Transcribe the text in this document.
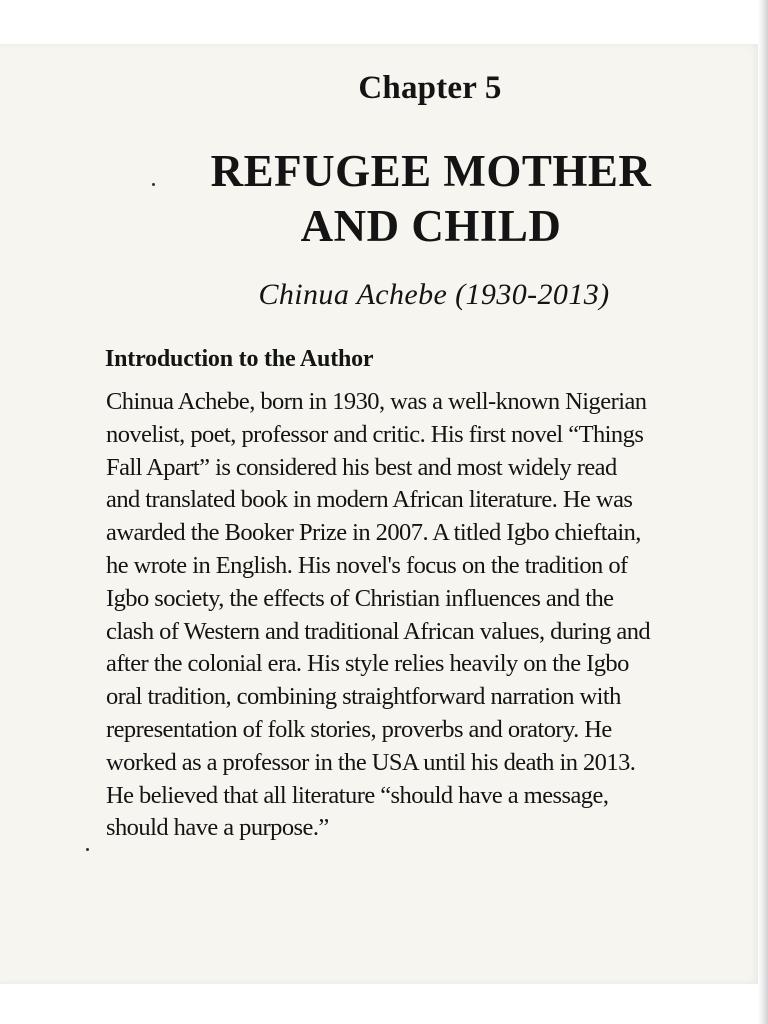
Chapter 5
REFUGEE MOTHER
AND CHILD
Chinua Achebe (1930-2013)
Introduction to the Author
Chinua Achebe, born in 1930, was a well-known Nigerian
novelist, poet, professor and critic. His first novel “Things
Fall Apart” is considered his best and most widely read
and translated book in modern African literature. He was
awarded the Booker Prize in 2007. A titled Igbo chieftain,
he wrote in English. His novel's focus on the tradition of
Igbo society, the effects of Christian influences and the
clash of Western and traditional African values, during and
after the colonial era. His style relies heavily on the Igbo
oral tradition, combining straightforward narration with
representation of folk stories, proverbs and oratory. He
worked as a professor in the USA until his death in 2013.
He believed that all literature “should have a message,
should have a purpose.”
